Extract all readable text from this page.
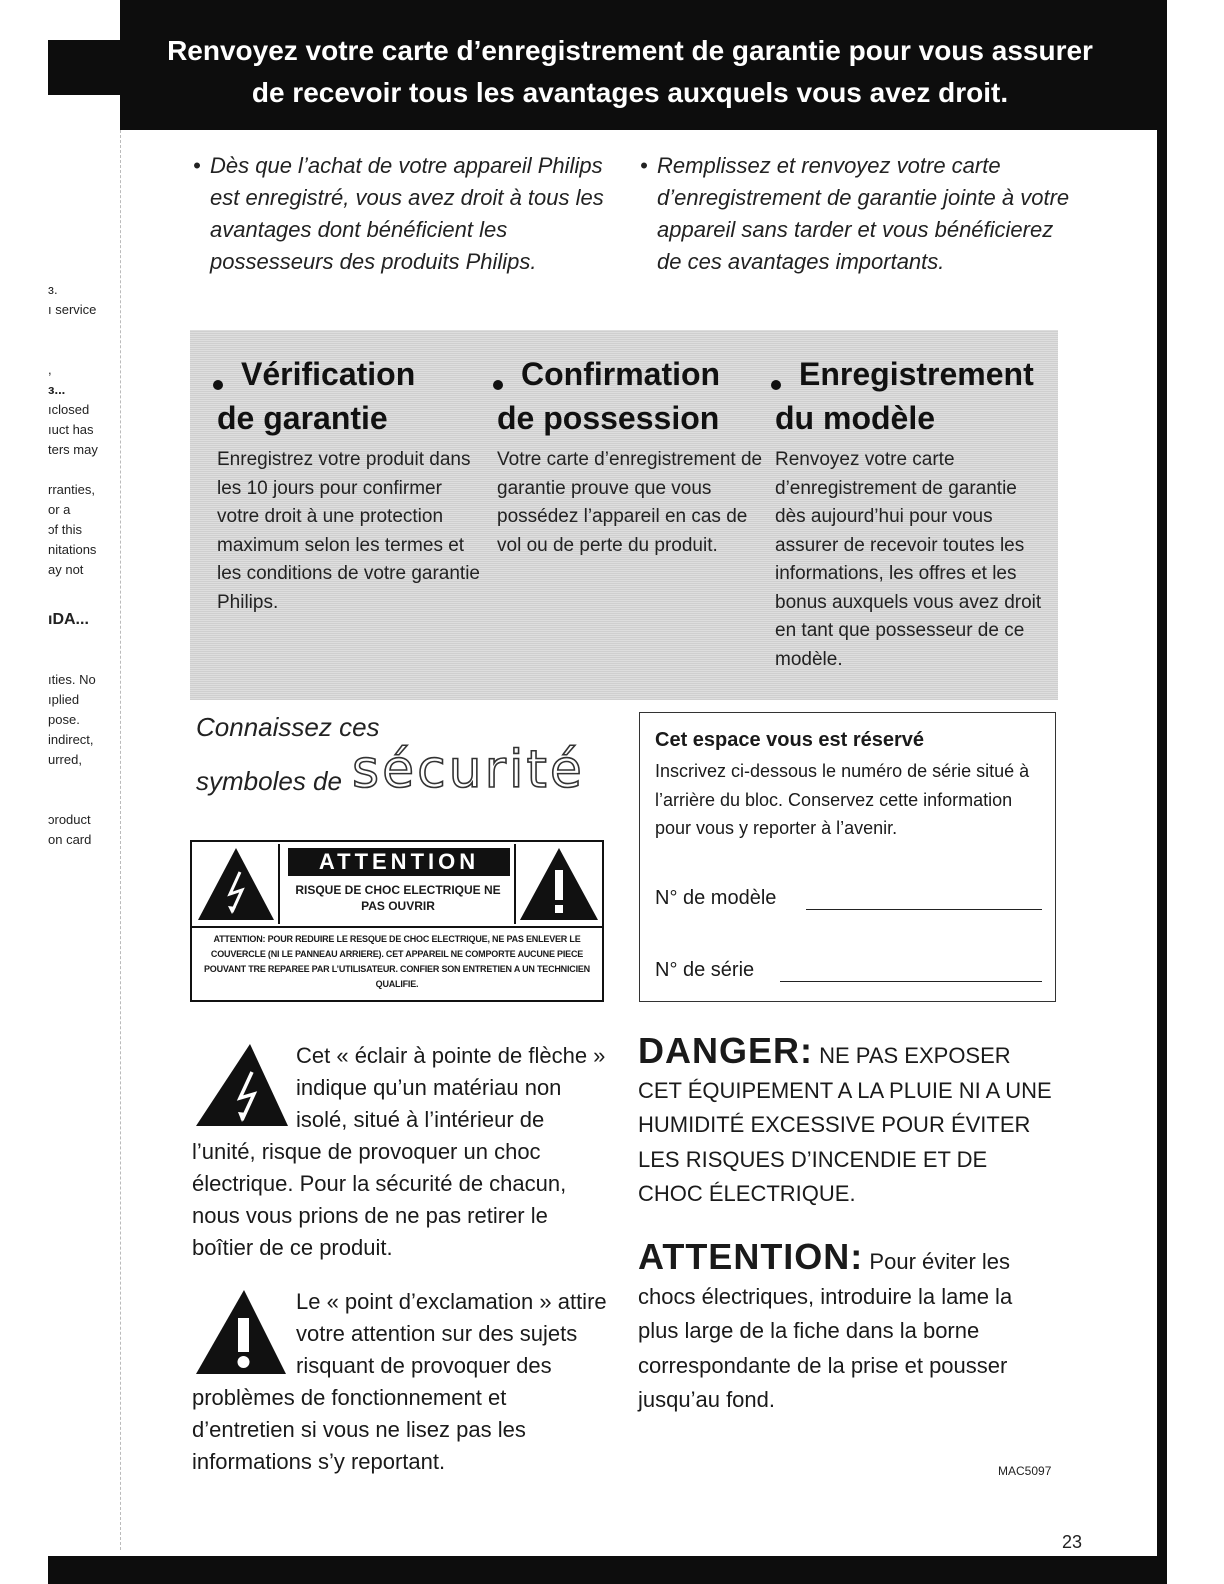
Renvoyez votre carte d’enregistrement de garantie pour vous assurer de recevoir tous les avantages auxquels vous avez droit.
ɜ.
ı service
,
ɜ...
ıclosed
ıuct has
ters may
rranties,
or a
ɔf this
nitations
ay not
ıDA...
ıties. No
ıplied
pose.
indirect,
urred,
ɔroduct
on card
• Dès que l’achat de votre appareil Philips est enregistré, vous avez droit à tous les avantages dont bénéficient les possesseurs des produits Philips.
• Remplissez et renvoyez votre carte d’enregistrement de garantie jointe à votre appareil sans tarder et vous bénéficierez de ces avantages importants.
Vérification
de garantie
Enregistrez votre produit dans les 10 jours pour confirmer votre droit à une protection maximum selon les termes et les conditions de votre garantie Philips.
Confirmation
de possession
Votre carte d’enregistrement de garantie prouve que vous possédez l’appareil en cas de vol ou de perte du produit.
Enregistrement
du modèle
Renvoyez votre carte d’enregistrement de garantie dès aujourd’hui pour vous assurer de recevoir toutes les informations, les offres et les bonus auxquels vous avez droit en tant que possesseur de ce modèle.
Connaissez ces
symboles de sécurité
ATTENTION
RISQUE DE CHOC ELECTRIQUE NE PAS OUVRIR
ATTENTION: POUR REDUIRE LE RESQUE DE CHOC ELECTRIQUE, NE PAS ENLEVER LE COUVERCLE (NI LE PANNEAU ARRIERE). CET APPAREIL NE COMPORTE AUCUNE PIECE POUVANT TRE REPAREE PAR L’UTILISATEUR. CONFIER SON ENTRETIEN A UN TECHNICIEN QUALIFIE.
Cet espace vous est réservé
Inscrivez ci-dessous le numéro de série situé à l’arrière du bloc. Conservez cette information pour vous y reporter à l’avenir.
N° de modèle
N° de série
Cet « éclair à pointe de flèche » indique qu’un matériau non isolé, situé à l’intérieur de l’unité, risque de provoquer un choc électrique. Pour la sécurité de chacun, nous vous prions de ne pas retirer le boîtier de ce produit.
Le « point d’exclamation » attire votre attention sur des sujets risquant de provoquer des problèmes de fonctionnement et d’entretien si vous ne lisez pas les informations s’y reportant.
DANGER: NE PAS EXPOSER CET ÉQUIPEMENT A LA PLUIE NI A UNE HUMIDITÉ EXCESSIVE POUR ÉVITER LES RISQUES D’INCENDIE ET DE CHOC ÉLECTRIQUE.
ATTENTION: Pour éviter les chocs électriques, introduire la lame la plus large de la fiche dans la borne correspondante de la prise et pousser jusqu’au fond.
MAC5097
23
